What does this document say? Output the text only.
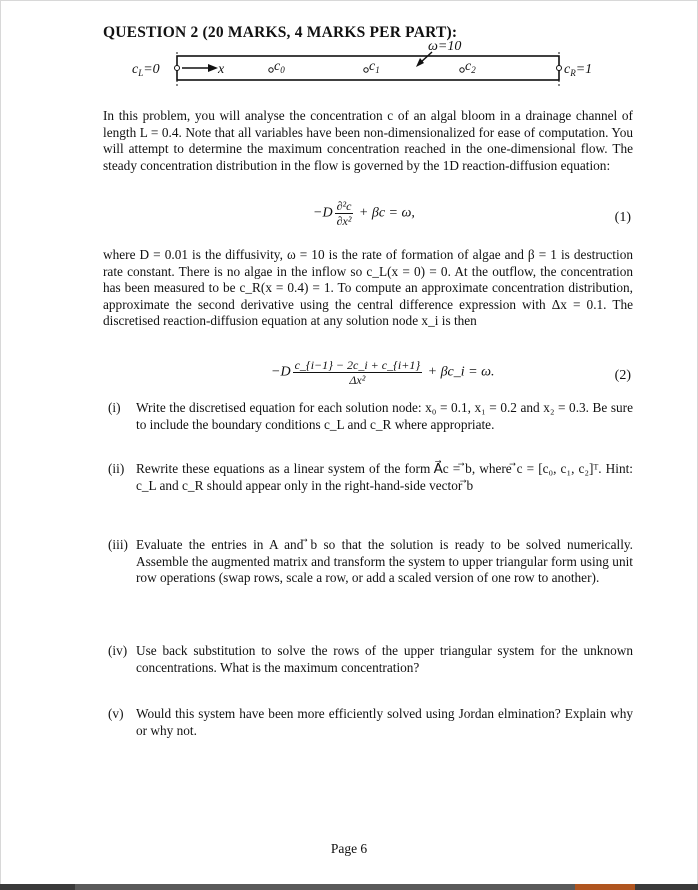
QUESTION 2 (20 MARKS, 4 MARKS PER PART):
ω=10
$c_L=0$	x	$c_0$	$c_1$	$c_2$	$c_R=1$
In this problem, you will analyse the concentration c of an algal bloom in a drainage channel of length L = 0.4. Note that all variables have been non-dimensionalized for ease of computation. You will attempt to determine the maximum concentration reached in the one-dimensional flow. The steady concentration distribution in the flow is governed by the 1D reaction-diffusion equation:
$-D \frac{\text{∂²c}}{\text{∂x²}} + \beta c = \omega$,	(1)
where D = 0.01 is the diffusivity, ω = 10 is the rate of formation of algae and β = 1 is destruction rate constant. There is no algae in the inflow so c_L(x = 0) = 0. At the outflow, the concentration has been measured to be c_R(x = 0.4) = 1. To compute an approximate concentration distribution, approximate the second derivative using the central difference expression with Δx = 0.1. The discretised reaction-diffusion equation at any solution node x_i is then
$-D \frac{c\_\{i-1\} - 2c\_i + c\_\{i+1\}}{\text{Δx²}}$ + βc_i = ω.	(2)
(i) Write the discretised equation for each solution node: x₀ = 0.1, x₁ = 0.2 and x₂ = 0.3. Be sure to include the boundary conditions c_L and c_R where appropriate.
(ii) Rewrite these equations as a linear system of the form A⃗c = ⃗b, where ⃗c = [c₀, c₁, c₂]ᵀ. Hint: c_L and c_R should appear only in the right-hand-side vector ⃗b
(iii) Evaluate the entries in A and ⃗b so that the solution is ready to be solved numerically. Assemble the augmented matrix and transform the system to upper triangular form using unit row operations (swap rows, scale a row, or add a scaled version of one row to another).
(iv) Use back substitution to solve the rows of the upper triangular system for the unknown concentrations. What is the maximum concentration?
(v) Would this system have been more efficiently solved using Jordan elmination? Explain why or why not.
Page 6
